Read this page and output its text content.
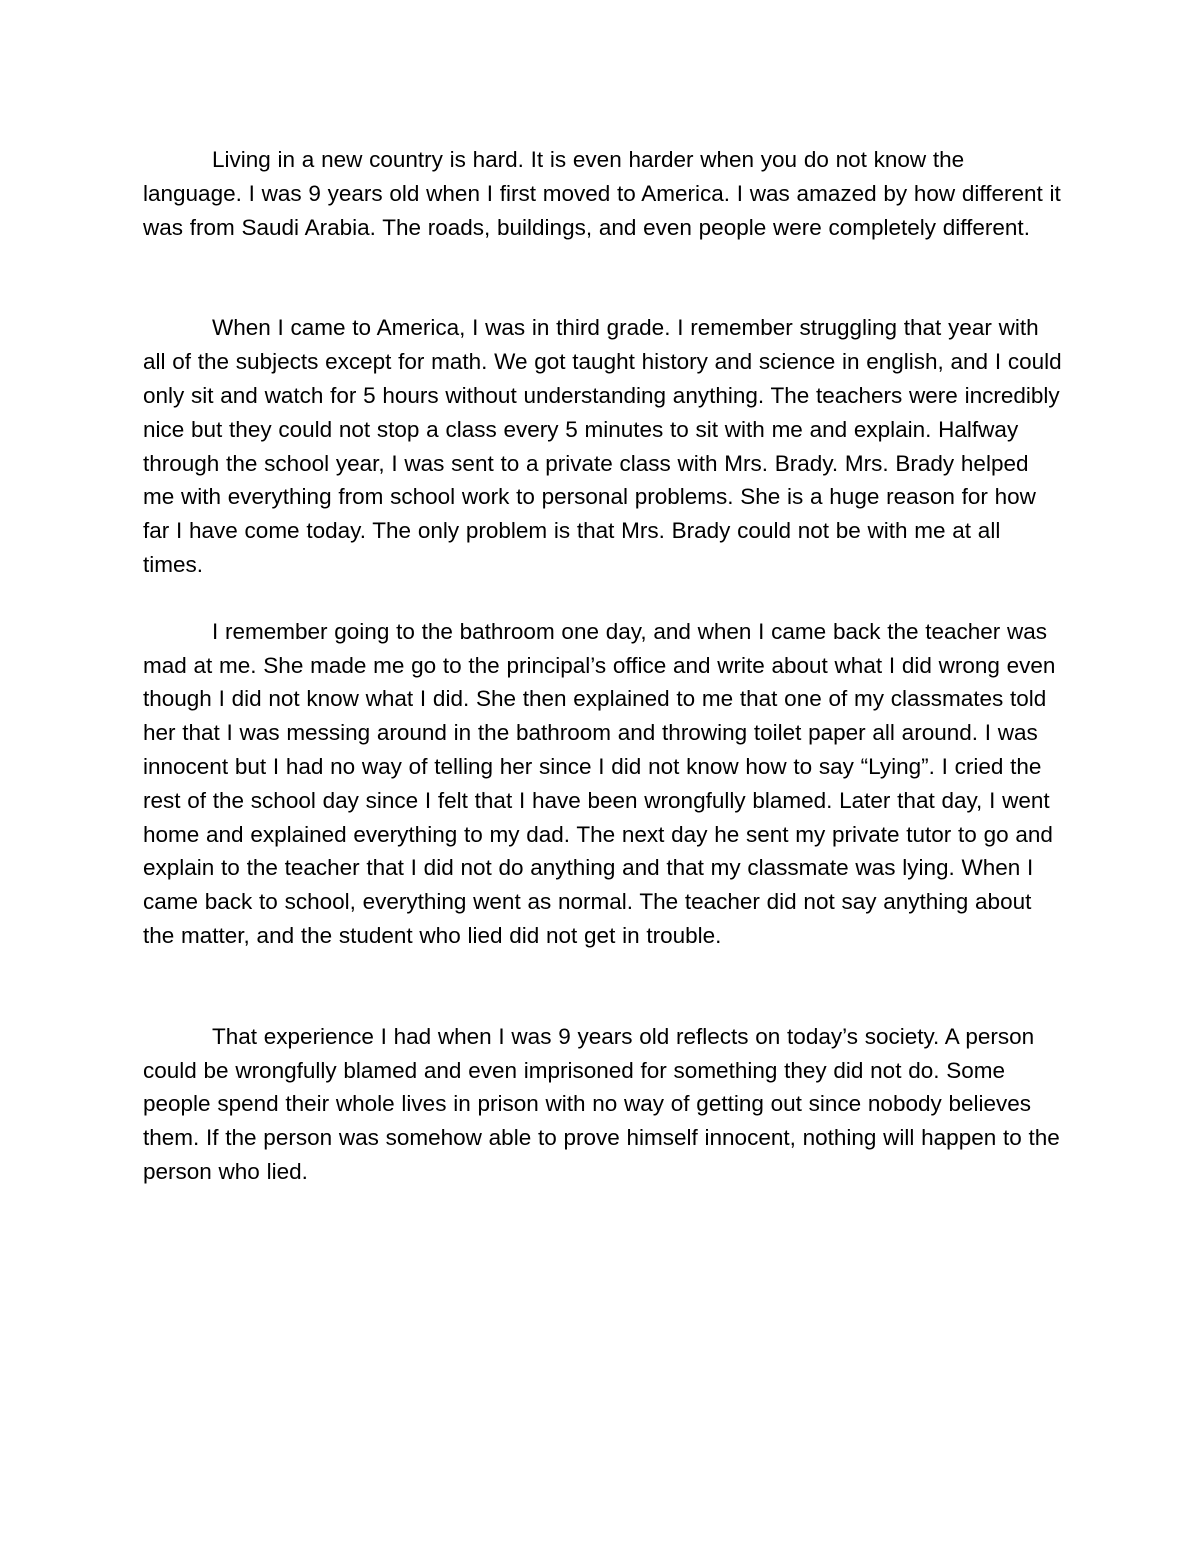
Living in a new country is hard. It is even harder when you do not know the language. I was 9 years old when I first moved to America. I was amazed by how different it was from Saudi Arabia. The roads, buildings, and even people were completely different.

When I came to America, I was in third grade. I remember struggling that year with all of the subjects except for math. We got taught history and science in english, and I could only sit and watch for 5 hours without understanding anything. The teachers were incredibly nice but they could not stop a class every 5 minutes to sit with me and explain. Halfway through the school year, I was sent to a private class with Mrs. Brady. Mrs. Brady helped me with everything from school work to personal problems. She is a huge reason for how far I have come today. The only problem is that Mrs. Brady could not be with me at all times.

I remember going to the bathroom one day, and when I came back the teacher was mad at me. She made me go to the principal’s office and write about what I did wrong even though I did not know what I did. She then explained to me that one of my classmates told her that I was messing around in the bathroom and throwing toilet paper all around. I was innocent but I had no way of telling her since I did not know how to say “Lying”. I cried the rest of the school day since I felt that I have been wrongfully blamed. Later that day, I went home and explained everything to my dad. The next day he sent my private tutor to go and explain to the teacher that I did not do anything and that my classmate was lying. When I came back to school, everything went as normal. The teacher did not say anything about the matter, and the student who lied did not get in trouble.

That experience I had when I was 9 years old reflects on today’s society. A person could be wrongfully blamed and even imprisoned for something they did not do. Some people spend their whole lives in prison with no way of getting out since nobody believes them. If the person was somehow able to prove himself innocent, nothing will happen to the person who lied.
